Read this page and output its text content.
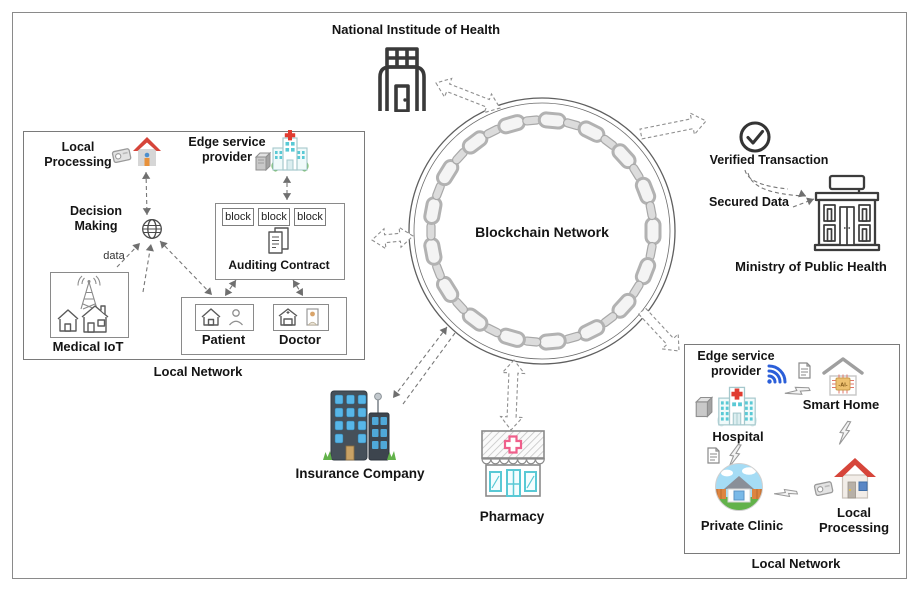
Blockchain Network
National Institude of Health
Verified Transaction
Secured Data
Ministry of Public Health
Local Network
Local Processing
Edge service provider
Decision Making
data
Medical IoT
block block block
Auditing Contract
Patient	Doctor
Insurance Company
Pharmacy
Local Network
Edge service provider
-AI-
Smart Home
Hospital
Private Clinic
Local Processing
